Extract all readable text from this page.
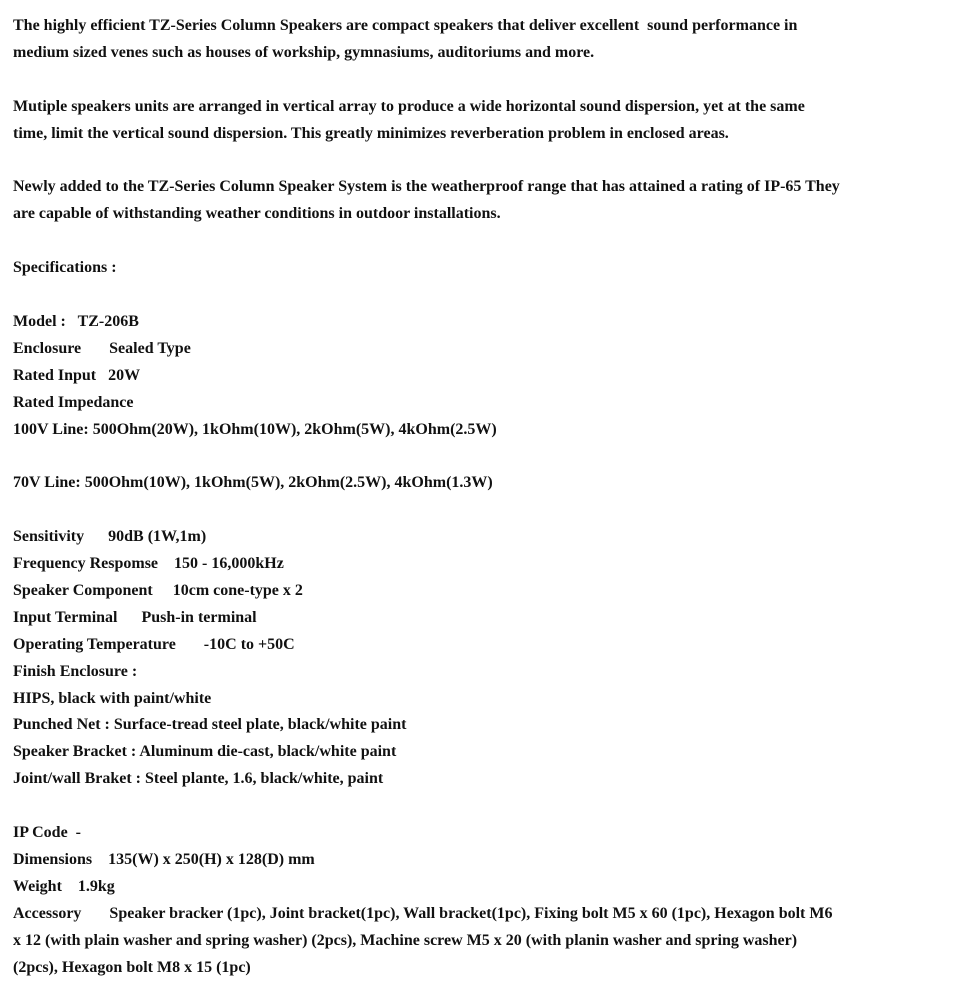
The highly efficient TZ-Series Column Speakers are compact speakers that deliver excellent  sound performance in
medium sized venes such as houses of workship, gymnasiums, auditoriums and more.
Mutiple speakers units are arranged in vertical array to produce a wide horizontal sound dispersion, yet at the same
time, limit the vertical sound dispersion. This greatly minimizes reverberation problem in enclosed areas.
Newly added to the TZ-Series Column Speaker System is the weatherproof range that has attained a rating of IP-65 They
are capable of withstanding weather conditions in outdoor installations.
Specifications :
Model :   TZ-206B
Enclosure       Sealed Type
Rated Input   20W
Rated Impedance
100V Line: 500Ohm(20W), 1kOhm(10W), 2kOhm(5W), 4kOhm(2.5W)
70V Line: 500Ohm(10W), 1kOhm(5W), 2kOhm(2.5W), 4kOhm(1.3W)
Sensitivity      90dB (1W,1m)
Frequency Respomse    150 - 16,000kHz
Speaker Component     10cm cone-type x 2
Input Terminal      Push-in terminal
Operating Temperature       -10C to +50C
Finish Enclosure :
HIPS, black with paint/white
Punched Net : Surface-tread steel plate, black/white paint
Speaker Bracket : Aluminum die-cast, black/white paint
Joint/wall Braket : Steel plante, 1.6, black/white, paint
IP Code  -
Dimensions    135(W) x 250(H) x 128(D) mm
Weight    1.9kg
Accessory       Speaker bracker (1pc), Joint bracket(1pc), Wall bracket(1pc), Fixing bolt M5 x 60 (1pc), Hexagon bolt M6
x 12 (with plain washer and spring washer) (2pcs), Machine screw M5 x 20 (with planin washer and spring washer)
(2pcs), Hexagon bolt M8 x 15 (1pc)
